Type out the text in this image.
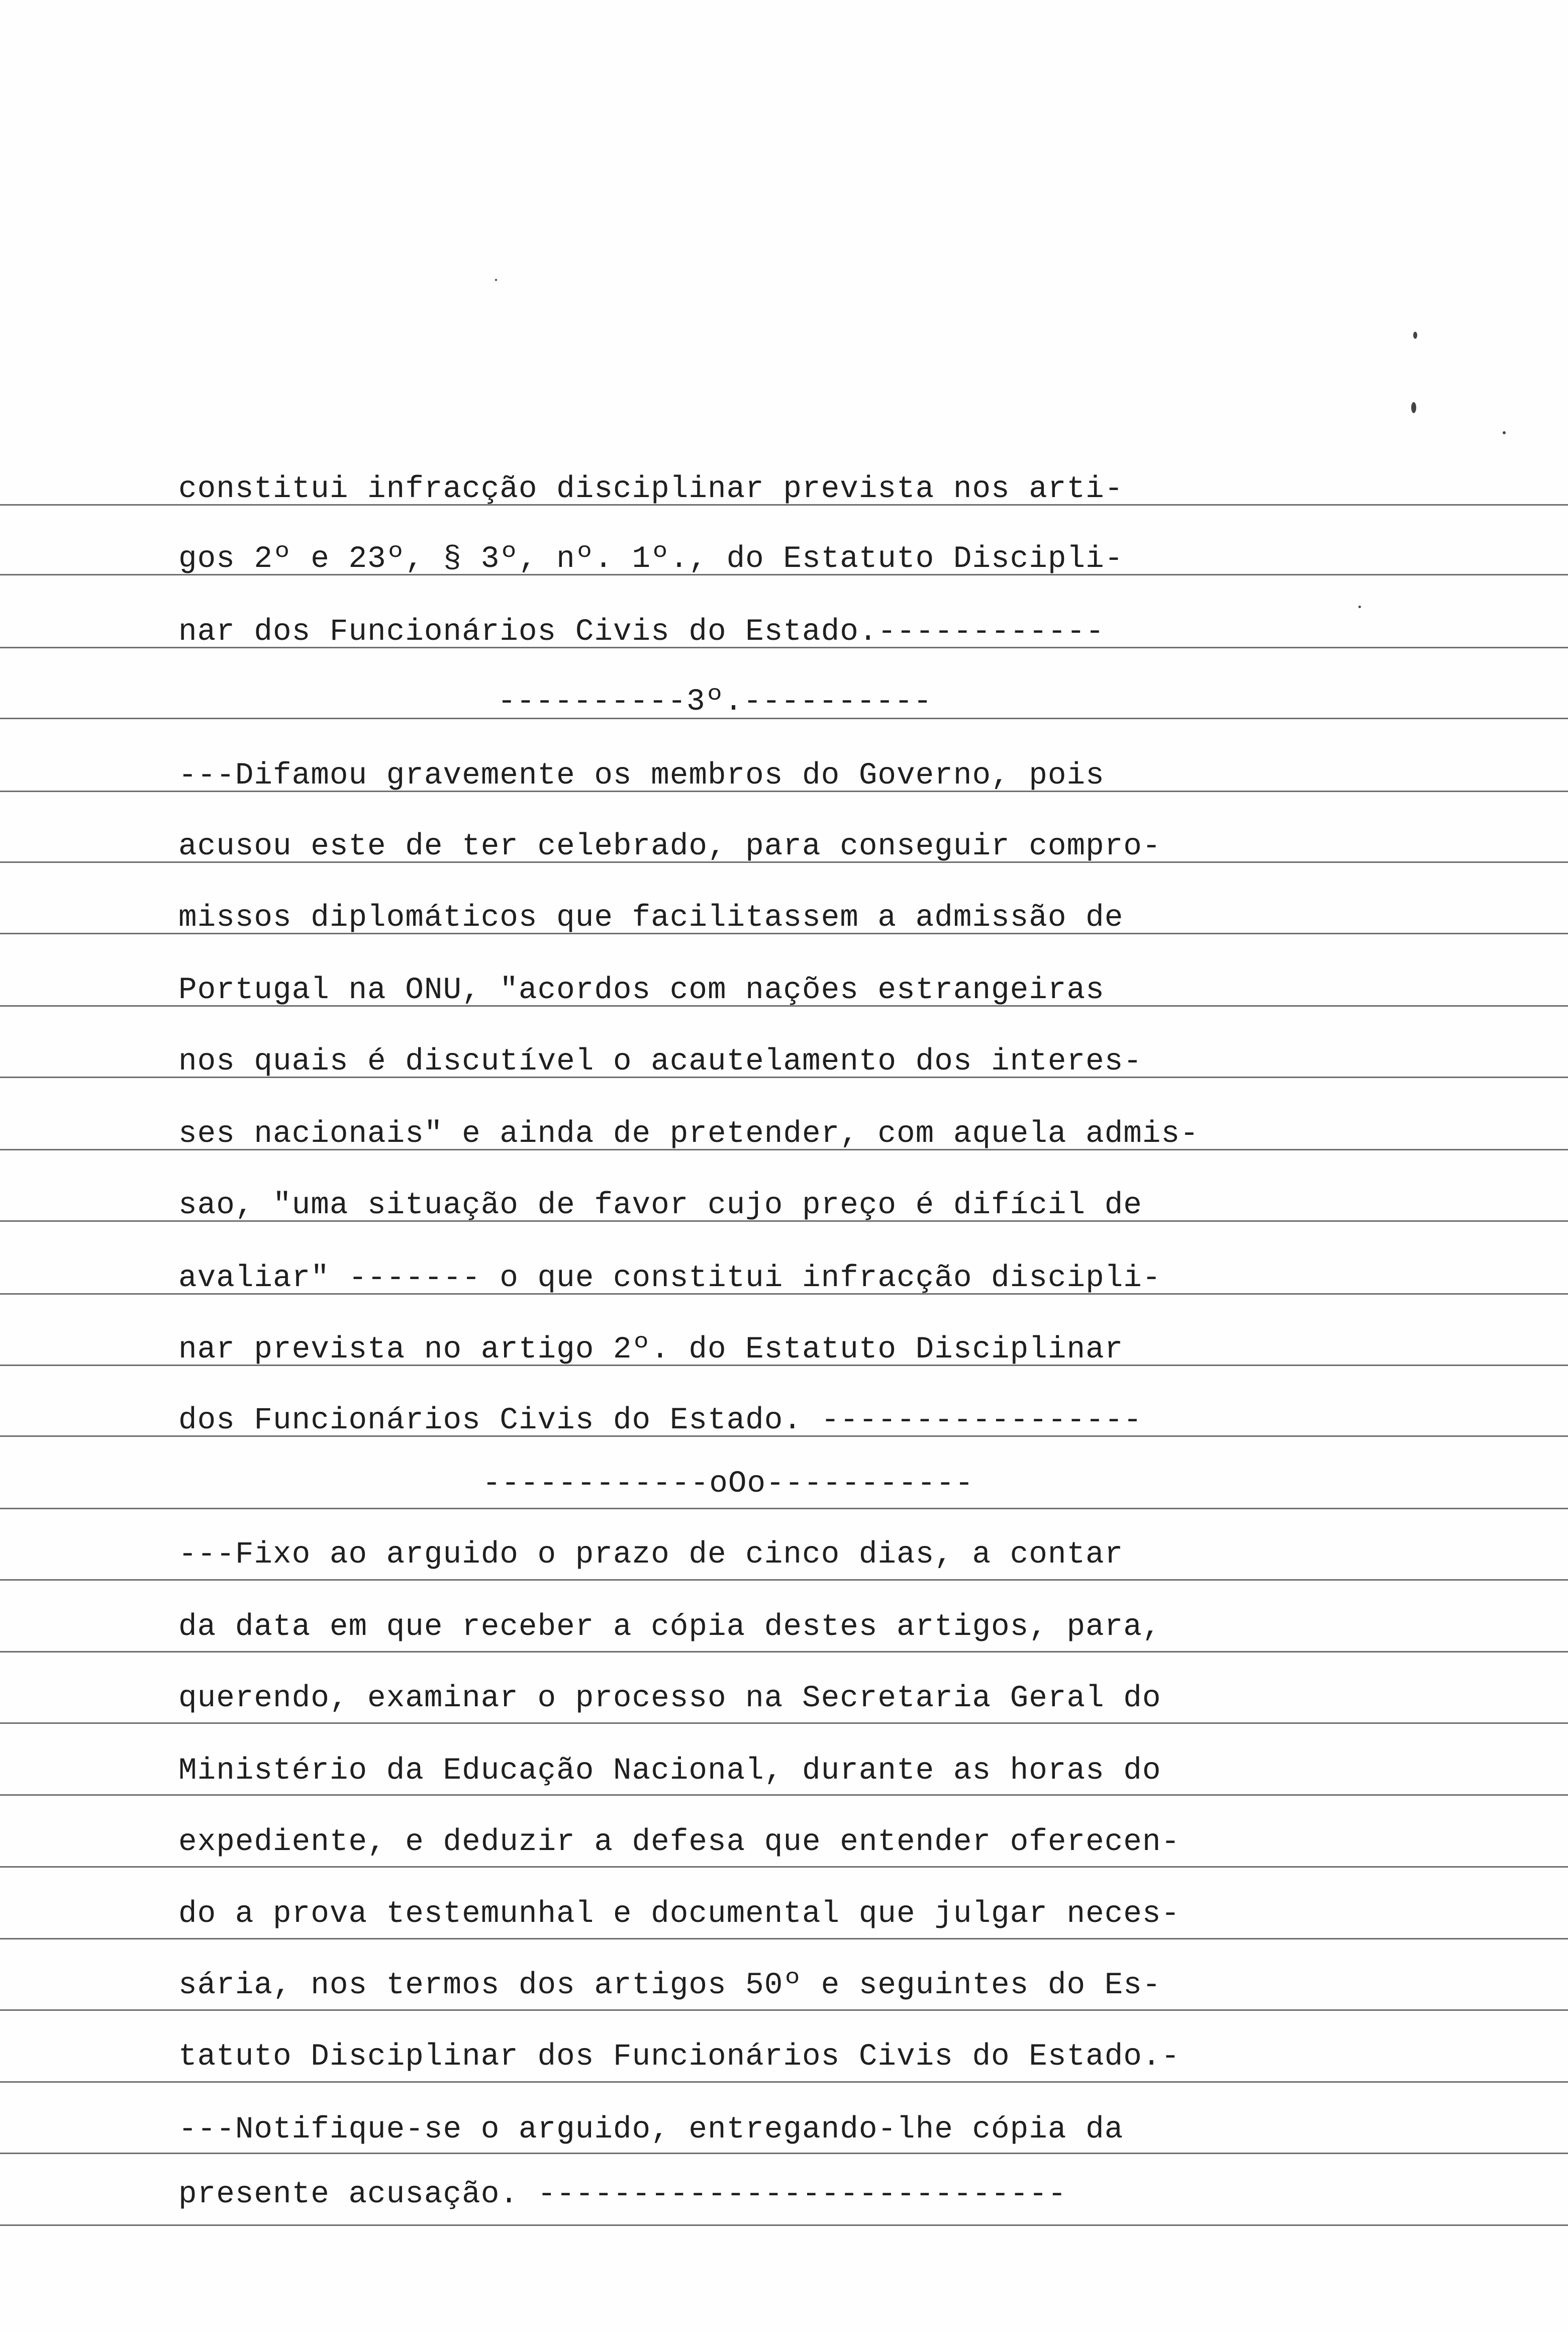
constitui infracção disciplinar prevista nos arti-
gos 2º e 23º, § 3º, nº. 1º., do Estatuto Discipli-
nar dos Funcionários Civis do Estado.------------
----------3º.----------
---Difamou gravemente os membros do Governo, pois
acusou este de ter celebrado, para conseguir compro-
missos diplomáticos que facilitassem a admissão de
Portugal na ONU, "acordos com nações estrangeiras
nos quais é discutível o acautelamento dos interes-
ses nacionais" e ainda de pretender, com aquela admis-
sao, "uma situação de favor cujo preço é difícil de
avaliar" ------- o que constitui infracção discipli-
nar prevista no artigo 2º. do Estatuto Disciplinar
dos Funcionários Civis do Estado. -----------------
------------oOo-----------
---Fixo ao arguido o prazo de cinco dias, a contar
da data em que receber a cópia destes artigos, para,
querendo, examinar o processo na Secretaria Geral do
Ministério da Educação Nacional, durante as horas do
expediente, e deduzir a defesa que entender oferecen-
do a prova testemunhal e documental que julgar neces-
sária, nos termos dos artigos 50º e seguintes do Es-
tatuto Disciplinar dos Funcionários Civis do Estado.-
---Notifique-se o arguido, entregando-lhe cópia da
presente acusação. ----------------------------
